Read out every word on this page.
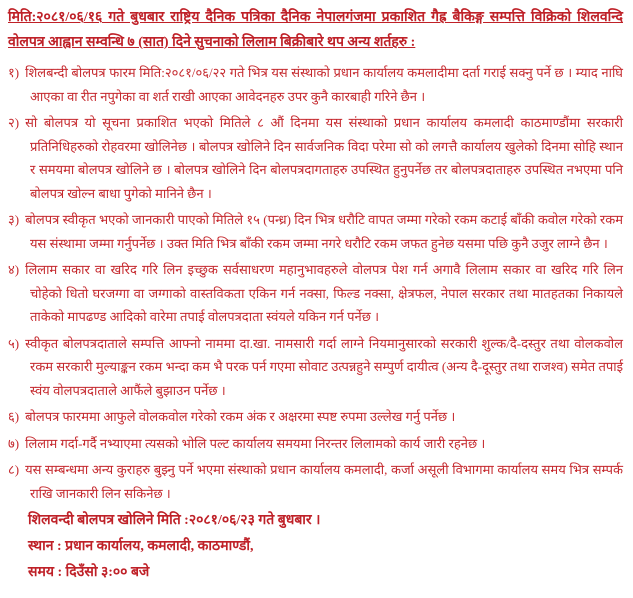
मिति:२०८१/०६/१६ गते बुधबार राष्ट्रिय दैनिक पत्रिका दैनिक नेपालगंजमा प्रकाशित गैह्र बैकिङ्ग सम्पत्ति विक्रिको शिलवन्दि वोलपत्र आह्वान सम्वन्धि ७ (सात) दिने सुचनाको लिलाम बिक्रीबारे थप अन्य शर्तहरु :

१) शिलबन्दी बोलपत्र फारम मिति:२०८१/०६/२२ गते भित्र यस संस्थाको प्रधान कार्यालय कमलादीमा दर्ता गराई सक्नु पर्ने छ । म्याद नाघि आएका वा रीत नपुगेका वा शर्त राखी आएका आवेदनहरु उपर कुनै कारबाही गरिने छैन ।

२) सो बोलपत्र यो सूचना प्रकाशित भएको मितिले ८ औं दिनमा यस संस्थाको प्रधान कार्यालय कमलादी काठमाण्डौंमा सरकारी प्रतिनिधिहरुको रोहवरमा खोलिनेछ । बोलपत्र खोलिने दिन सार्वजनिक विदा परेमा सो को लगत्तै कार्यालय खुलेको दिनमा सोहि स्थान र समयमा बोलपत्र खोलिने छ । बोलपत्र खोलिने दिन बोलपत्रदागताहरु उपस्थित हुनुपर्नेछ तर बोलपत्रदाताहरु उपस्थित नभएमा पनि बोलपत्र खोल्न बाधा पुगेको मानिने छैन ।

३) बोलपत्र स्वीकृत भएको जानकारी पाएको मितिले १५ (पन्ध्र) दिन भित्र धरौटि वापत जम्मा गरेको रकम कटाई बाँकी कवोल गरेको रकम यस संस्थामा जम्मा गर्नुपर्नेछ । उक्त मिति भित्र बाँकी रकम जम्मा नगरे धरौटि रकम जफत हुनेछ यसमा पछि कुनै उजुर लाग्ने छैन ।

४) लिलाम सकार वा खरिद गरि लिन इच्छुक सर्वसाधरण महानुभावहरुले वोलपत्र पेश गर्न अगावै लिलाम सकार वा खरिद गरि लिन चोहेको धितो घरजग्गा वा जग्गाको वास्तविकता एकिन गर्न नक्सा, फिल्ड नक्सा, क्षेत्रफल, नेपाल सरकार तथा मातहतका निकायले ताकेको मापढण्ड आदिको वारेमा तपाई वोलपत्रदाता स्वंयले यकिन गर्न पर्नेछ ।

५) स्वीकृत बोलपत्रदाताले सम्पत्ति आफ्नो नाममा दा.खा. नामसारी गर्दा लाग्ने नियमानुसारको सरकारी शुल्क/दै-दस्तुर तथा वोलकवोल रकम सरकारी मुल्याङ्कन रकम भन्दा कम भै परक पर्न गएमा सोवाट उत्पन्नहुने सम्पुर्ण दायीत्व (अन्य दै-दूस्तुर तथा राजश्व) समेत तपाई स्वंय वोलपत्रदाताले आफैंले बुझाउन पर्नेछ ।

६) बोलपत्र फारममा आफुले वोलकवोल गरेको रकम अंक र अक्षरमा स्पष्ट रुपमा उल्लेख गर्नु पर्नेछ ।

७) लिलाम गर्दा-गर्दै नभ्याएमा त्यसको भोलि पल्ट कार्यालय समयमा निरन्तर लिलामको कार्य जारी रहनेछ ।

८) यस सम्बन्धमा अन्य कुराहरु बुझ्नु पर्ने भएमा संस्थाको प्रधान कार्यालय कमलादी, कर्जा असूली विभागमा कार्यालय समय भित्र सम्पर्क राखि जानकारी लिन सकिनेछ ।

शिलवन्दी बोलपत्र खोलिने मिति :२०८१/०६/२३ गते बुधबार ।
स्थान : प्रधान कार्यालय, कमलादी, काठमाण्डौं,
समय : दिउँसो ३:०० बजे
